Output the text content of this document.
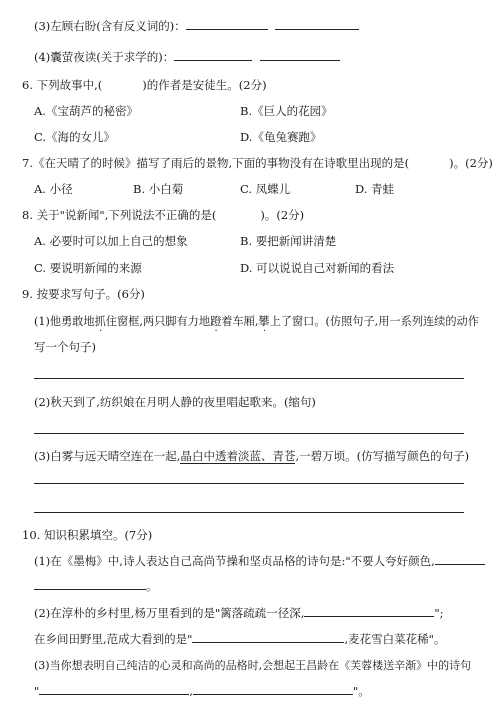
(3)左顾右盼(含有反义词的)：
(4)囊萤夜读(关于求学的)：
6. 下列故事中,(	)的作者是安徒生。(2分)
A.《宝葫芦的秘密》	B.《巨人的花园》
C.《海的女儿》	D.《龟兔赛跑》
7.《在天晴了的时候》描写了雨后的景物,下面的事物没有在诗歌里出现的是(	)。(2分)
A. 小径	B. 小白菊	C. 凤蝶儿	D. 青蛙
8. 关于"说新闻",下列说法不正确的是(	)。(2分)
A. 必要时可以加上自己的想象	B. 要把新闻讲清楚
C. 要说明新闻的来源	D. 可以说说自己对新闻的看法
9. 按要求写句子。(6分)
(1)他勇敢地抓住窗框,两只脚有力地蹬着车厢,攀上了窗口。(仿照句子,用一系列连续的动作
写一个句子)
(2)秋天到了,纺织娘在月明人静的夜里唱起歌来。(缩句)
(3)白雾与远天晴空连在一起,晶白中透着淡蓝、青苍,一碧万顷。(仿写描写颜色的句子)
10. 知识积累填空。(7分)
(1)在《墨梅》中,诗人表达自己高尚节操和坚贞品格的诗句是:"不要人夸好颜色,
。
(2)在淳朴的乡村里,杨万里看到的是"篱落疏疏一径深,	";
在乡间田野里,范成大看到的是"	,麦花雪白菜花稀"。
(3)当你想表明自己纯洁的心灵和高尚的品格时,会想起王昌龄在《芙蓉楼送辛渐》中的诗句
"	,	"。
